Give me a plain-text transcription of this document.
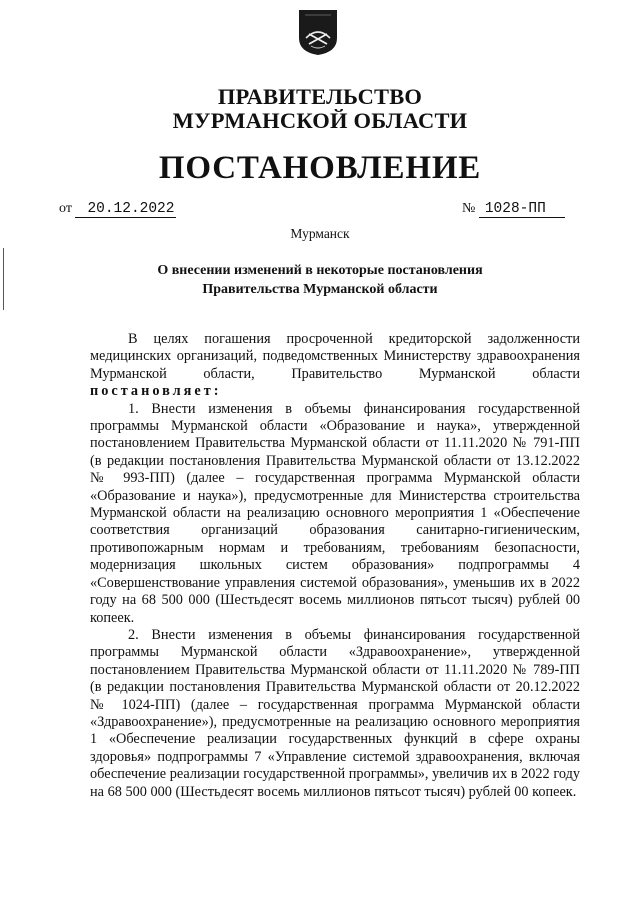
ПРАВИТЕЛЬСТВО
МУРМАНСКОЙ ОБЛАСТИ
ПОСТАНОВЛЕНИЕ
от 20.12.2022	№ 1028-ПП
Мурманск
О внесении изменений в некоторые постановления
Правительства Мурманской области

В целях погашения просроченной кредиторской задолженности медицинских организаций, подведомственных Министерству здравоохранения Мурманской области, Правительство Мурманской области постановляет:

1. Внести изменения в объемы финансирования государственной программы Мурманской области «Образование и наука», утвержденной постановлением Правительства Мурманской области от 11.11.2020 № 791-ПП (в редакции постановления Правительства Мурманской области от 13.12.2022 № 993-ПП) (далее – государственная программа Мурманской области «Образование и наука»), предусмотренные для Министерства строительства Мурманской области на реализацию основного мероприятия 1 «Обеспечение соответствия организаций образования санитарно-гигиеническим, противопожарным нормам и требованиям, требованиям безопасности, модернизация школьных систем образования» подпрограммы 4 «Совершенствование управления системой образования», уменьшив их в 2022 году на 68 500 000 (Шестьдесят восемь миллионов пятьсот тысяч) рублей 00 копеек.

2. Внести изменения в объемы финансирования государственной программы Мурманской области «Здравоохранение», утвержденной постановлением Правительства Мурманской области от 11.11.2020 № 789-ПП (в редакции постановления Правительства Мурманской области от 20.12.2022 № 1024-ПП) (далее – государственная программа Мурманской области «Здравоохранение»), предусмотренные на реализацию основного мероприятия 1 «Обеспечение реализации государственных функций в сфере охраны здоровья» подпрограммы 7 «Управление системой здравоохранения, включая обеспечение реализации государственной программы», увеличив их в 2022 году на 68 500 000 (Шестьдесят восемь миллионов пятьсот тысяч) рублей 00 копеек.
